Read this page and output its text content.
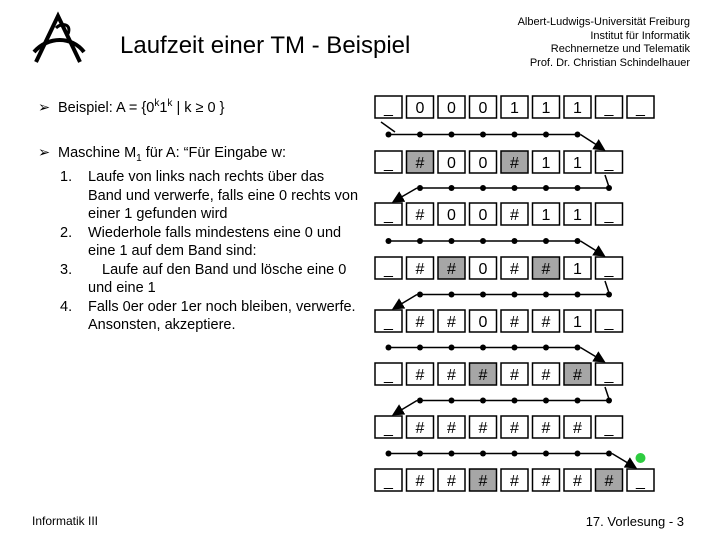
Laufzeit einer TM - Beispiel
Albert-Ludwigs-Universität Freiburg
Institut für Informatik
Rechnernetze und Telematik
Prof. Dr. Christian Schindelhauer
➢ Beispiel: $A = \{0^k1^k$ | k ≥ 0 }
➢ Maschine $M_1$ für A: “Für Eingabe w:
1. Laufe von links nach rechts über das Band und verwerfe, falls eine 0 rechts von einer 1 gefunden wird
2. Wiederhole falls mindestens eine 0 und eine 1 auf dem Band sind:
3.	Laufe auf den Band und lösche eine 0 und eine 1
4. Falls 0er oder 1er noch bleiben, verwerfe. Ansonsten, akzeptiere.
_ 0 0 0 1 1 1 _ _
_ # 0 0 # 1 1 _
_ # 0 0 # 1 1 _
_ # # 0 # # 1 _
_ # # 0 # # 1 _
_ # # # # # # _
_ # # # # # # _
_ # # # # # # # _
Informatik III	17. Vorlesung - 3
